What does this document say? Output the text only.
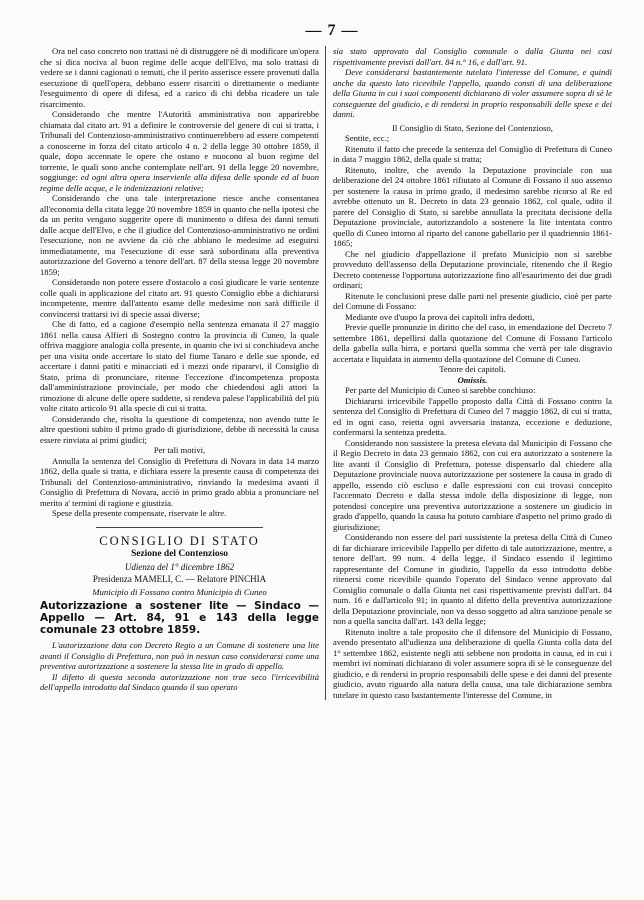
— 7 —

Ora nel caso concreto non trattasi nè di distruggere nè di modificare un'opera che si dica nociva al buon regime delle acque dell'Elvo, ma solo trattasi di vedere se i danni cagionati o temuti, che il perito asserisce essere provenuti dalla esecuzione di quell'opera, debbano essere risarciti o direttamente o mediante l'eseguimento di opere di difesa, ed a carico di chi debba ricadere un tale risarcimento.

Considerando che mentre l'Autorità amministrativa non apparirebbe chiamata dal citato art. 91 a definire le controversie del genere di cui si tratta, i Tribunali del Contenzioso-amministrativo continuerebbero ad essere competenti a conoscerne in forza del citato articolo 4 n. 2 della legge 30 ottobre 1859, il quale, dopo accennate le opere che ostano e nuocono al buon regime del torrente, le quali sono anche contemplate nell'art. 91 della legge 20 novembre, soggiunge: ed ogni altra opera inservienle alla difesa delle sponde ed al buon regime delle acque, e le indenizzazioni relative;

Considerando che una tale interpretazione riesce anche consentanea all'economia della citata legge 20 novembre 1859 in quanto che nella ipotesi che da un perito vengano suggerite opere di munimento o difesa dei danni temuti dalle acque dell'Elvo, e che il giudice del Contenzioso-amministrativo ne ordini l'esecuzione, non ne avviene da ciò che abbiano le medesime ad eseguirsi immediatamente, ma l'esecuzione di esse sarà subordinata alla preventiva autorizzazione del Governo a tenore dell'art. 87 della stessa legge 20 novembre 1859;

Considerando non potere essere d'ostacolo a così giudicare le varie sentenze colle quali in applicazione del citato art. 91 questo Consiglio ebbe a dichiararsi incompetente, mentre dall'attento esame delle medesime non sarà difficile il convincersi trattarsi ivi di specie assai diverse;

Che di fatto, ed a cagione d'esempio nella sentenza emanata il 27 maggio 1861 nella causa Alfieri di Sostegno contro la provincia di Cuneo, la quale offriva maggiore analogia colla presente, in quanto che ivi si conchiudeva anche per una visita onde accertare lo stato del fiume Tanaro e delle sue sponde, ed accertare i danni patiti e minacciati ed i mezzi onde ripararvi, il Consiglio di Stato, prima di pronunciare, ritenne l'eccezione d'incompetenza proposta dall'amministrazione provinciale, per modo che chiedendosi agli attori la rimozione di alcune delle opere suddette, si rendeva palese l'applicabilità del più volte citato articolo 91 alla specie di cui si tratta.

Considerando che, risolta la questione di competenza, non avendo tutte le altre questioni subito il primo grado di giurisdizione, debbe di necessità la causa essere rinviata ai primi giudici;

Per tali motivi,

Annulla la sentenza del Consiglio di Prefettura di Novara in data 14 marzo 1862, della quale si tratta, e dichiara essere la presente causa di competenza dei Tribunali del Contenzioso-amministrativo, rinviando la medesima avanti il Consiglio di Prefettura di Novara, acciò in primo grado abbia a pronunciare nel merito a' termini di ragione e giustizia.

Spese della presente compensate, riservate le altre.

CONSIGLIO DI STATO
Sezione del Contenzioso
Udienza del 1° dicembre 1862
Presidenza MAMELI, C. — Relatore PINCHIA
Municipio di Fossano contro Municipio di Cuneo

Autorizzazione a sostener lite — Sindaco — Appello — Art. 84, 91 e 143 della legge comunale 23 ottobre 1859.

L'autorizzazione data con Decreto Regio a un Comune di sostenere una lite avanti il Consiglio di Prefettura, non può in nessun caso considerarsi come una preventiva autorizzazione a sostenere la stessa lite in grado di appello.

Il difetto di questa seconda autorizzazione non trae seco l'irricevibilità dell'appello introdotto dal Sindaco quando il suo operato

sia stato approvato dal Consiglio comunale o dalla Giunta nei casi rispettivamente previsti dall'art. 84 n.° 16, e dall'art. 91.

Deve considerarsi bastantemente tutelato l'interesse del Comune, e quindi anche da questo lato ricevibile l'appello, quando consti di una deliberazione della Giunta in cui i suoi componenti dichiarano di voler assumere sopra di sè le conseguenze del giudicio, e di rendersi in proprio responsabili delle spese e dei danni.

Il Consiglio di Stato, Sezione del Contenzioso,

Sentite, ecc.;

Ritenuto il fatto che precede la sentenza del Consiglio di Prefettura di Cuneo in data 7 maggio 1862, della quale si tratta;

Ritenuto, inoltre, che avendo la Deputazione provinciale con sua deliberazione del 24 ottobre 1861 rifiutato al Comune di Fossano il suo assenso per sostenere la causa in primo grado, il medesimo sarebbe ricorso al Re ed avrebbe ottenuto un R. Decreto in data 23 gennaio 1862, col quale, udito il parere del Consiglio di Stato, si sarebbe annullata la precitata decisione della Deputazione provinciale, autorizzandolo a sostenere la lite intentata contro quello di Cuneo intorno al riparto del canone gabellario per il quadriennio 1861-1865;

Che nel giudicio d'appellazione il prefato Municipio non si sarebbe provveduto dell'assenso della Deputazione provinciale, ritenendo che il Regio Decreto contenesse l'opportuna autorizzazione fino all'esaurimento dei due gradi ordinari;

Ritenute le conclusioni prese dalle parti nel presente giudicio, cioè per parte del Comune di Fossano:

Mediante ove d'uopo la prova dei capitoli infra dedotti,

Previe quelle pronunzie in diritto che del caso, in emendazione del Decreto 7 settembre 1861, depellirsi dalla quotazione del Comune di Fossano l'articolo della gabella sulla birra, e portarsi quella somma che verrà per tale disgravio accertata e liquidata in aumento della quotazione del Comune di Cuneo.

Tenore dei capitoli.

Omissis.

Per parte del Municipio di Cuneo si sarebbe conchiuso:

Dichiararsi irricevibile l'appello proposto dalla Città di Fossano contro la sentenza del Consiglio di Prefettura di Cuneo del 7 maggio 1862, di cui si tratta, ed in ogni caso, reietta ogni avversaria instanza, eccezione e deduzione, confermarsi la sentenza predetta.

Considerando non sussistere la pretesa elevata dal Municipio di Fossano che il Regio Decreto in data 23 gennaio 1862, con cui era autorizzato a sostenere la lite avanti il Consiglio di Prefettura, potesse dispensarlo dal chiedere alla Deputazione provinciale nuova autorizzazione per sostenere la causa in grado di appello, essendo ciò escluso e dalle espressioni con cui trovasi concepito l'accennato Decreto e dalla stessa indole della disposizione di legge, non potendosi concepire una preventiva autorizzazione a sostenere un giudicio in grado d'appello, quando la causa ha potuto cambiare d'aspetto nel primo grado di giurisdizione;

Considerando non essere del pari sussistente la pretesa della Città di Cuneo di far dichiarare irricevibile l'appello per difetto di tale autorizzazione, mentre, a tenore dell'art. 99 num. 4 della legge, il Sindaco essendo il legittimo rappresentante del Comune in giudizio, l'appello da esso introdotto debbe ritenersi come ricevibile quando l'operato del Sindaco venne approvato dal Consiglio comunale o dalla Giunta nei casi rispettivamente previsti dall'art. 84 num. 16 e dall'articolo 91; in quanto al difetto della preventiva autorizzazione della Deputazione provinciale, non va desso soggetto ad altra sanzione penale se non a quella sancita dall'art. 143 della legge;

Ritenuto inoltre a tale proposito che il difensore del Municipio di Fossano, avendo presentato all'udienza una deliberazione di quella Giunta colla data del 1° settembre 1862, esistente negli atti sebbene non prodotta in causa, ed in cui i membri ivi nominati dichiarano di voler assumere sopra di sè le conseguenze del giudicio, e di rendersi in proprio responsabili delle spese e dei danni del presente giudicio, avuto riguardo alla natura della causa, una tale dichiarazione sembra tutelare in questo caso bastantemente l'interesse del Comune, in
